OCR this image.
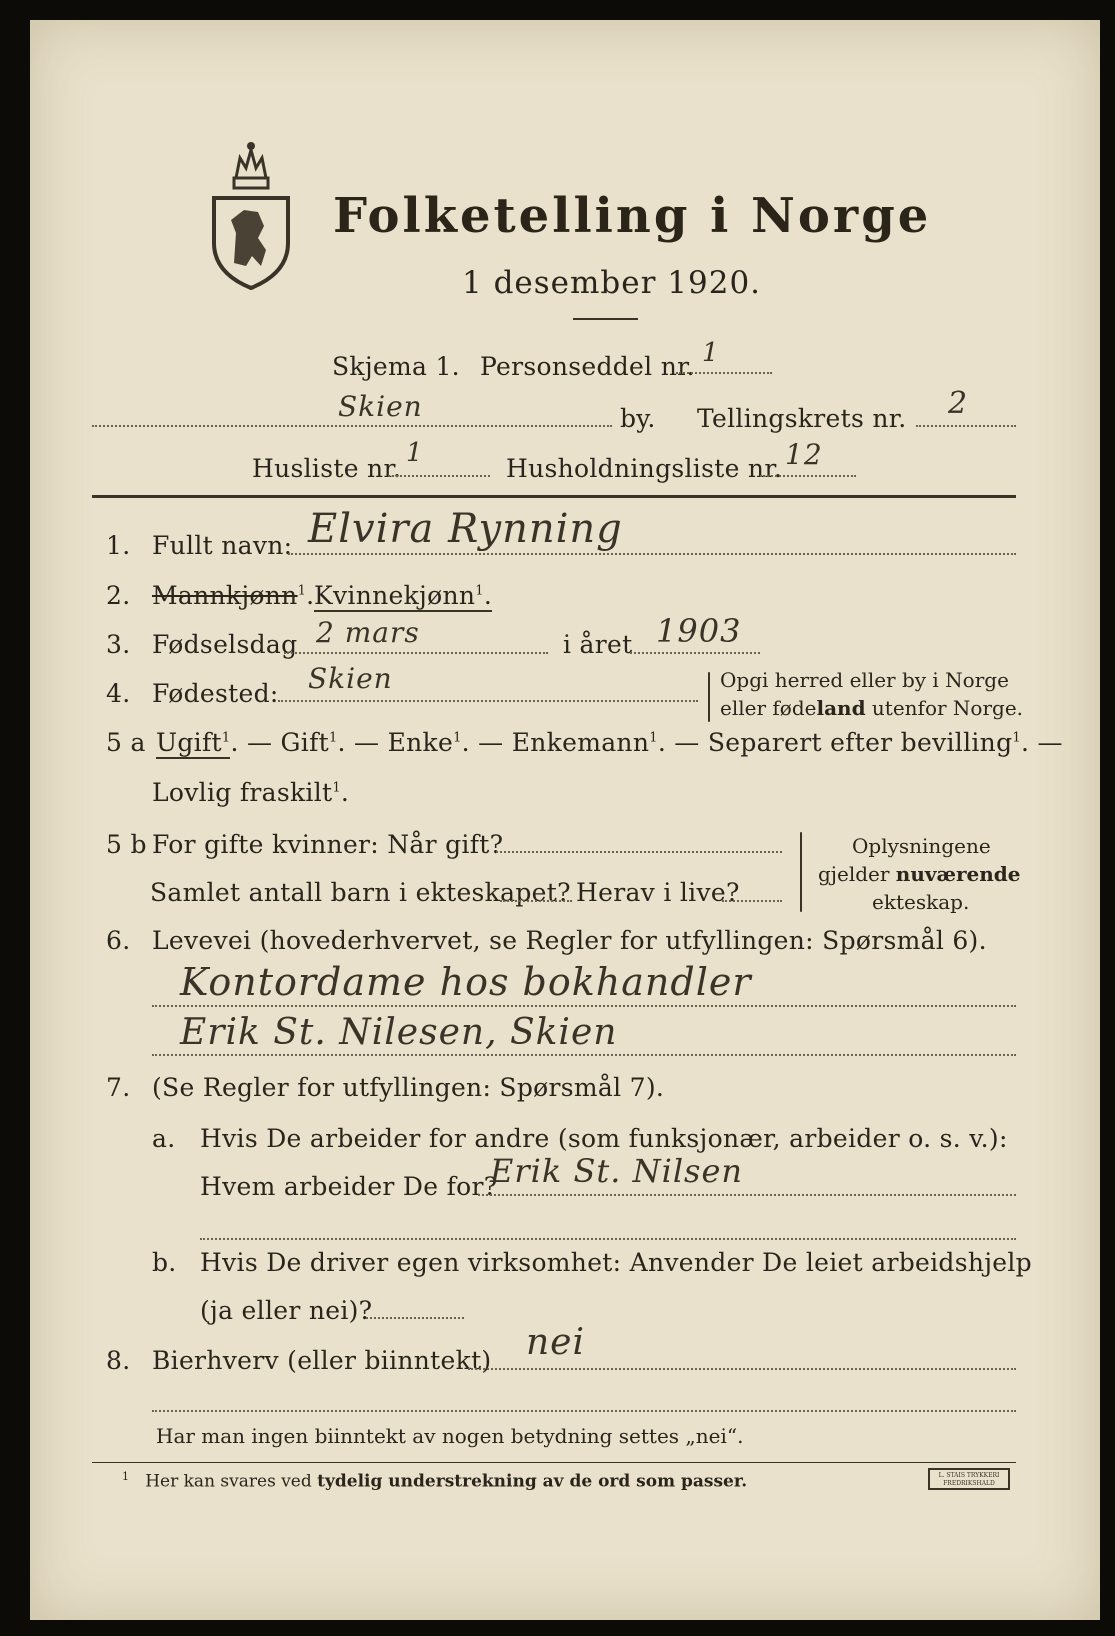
Folketelling i Norge
1 desember 1920.
Skjema 1. Personseddel nr. 1
Skien	by. Tellingskrets nr. 2
Husliste nr.
1
Husholdningsliste nr. 12
1. Fullt navn: Elvira Rynning
2. Mannkjønn$^1$. Kvinnekjønn$^1$.
3. Fødselsdag 2 mars	i året 1903
4. Fødested: Skien	Opgi herred eller by i Norge
eller fødeland utenfor Norge.
5 a Ugift$^1$. — Gift$^1$. — Enke$^1$. — Enkemann$^1$. — Separert efter bevilling$^1$. —
Lovlig fraskilt$^1$.
5 b For gifte kvinner: Når gift?
Samlet antall barn i ekteskapet? Herav i live?
Oplysningene
gjelder nuværende
ekteskap.
6. Levevei (hovederhvervet, se Regler for utfyllingen: Spørsmål 6).
Kontordame hos bokhandler
Erik St. Nilesen, Skien
7. (Se Regler for utfyllingen: Spørsmål 7).
a. Hvis De arbeider for andre (som funksjonær, arbeider o. s. v.):
Hvem arbeider De for?
Erik St. Nilsen
b. Hvis De driver egen virksomhet: Anvender De leiet arbeidshjelp
(ja eller nei)?
8. Bierhverv (eller biinntekt) nei
Har man ingen biinntekt av nogen betydning settes „nei“.
$^1$ Her kan svares ved tydelig understrekning av de ord som passer.	L. STAIS TRYKKERI FREDRIKSHALD
